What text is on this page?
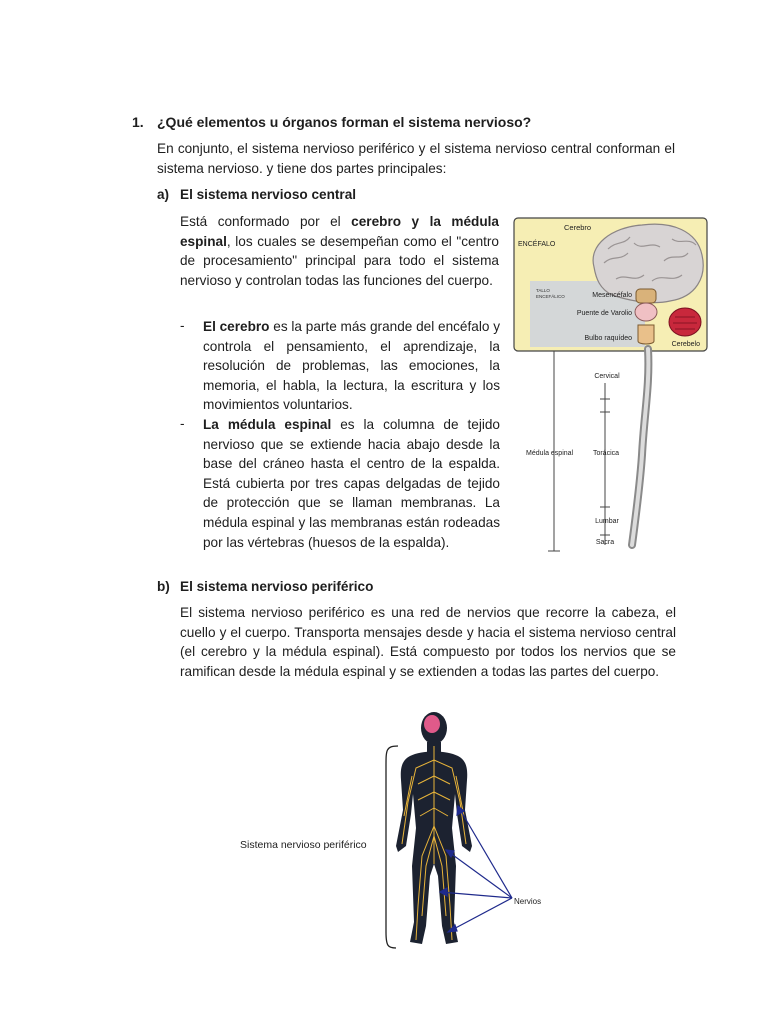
1. ¿Qué elementos u órganos forman el sistema nervioso?
En conjunto, el sistema nervioso periférico y el sistema nervioso central conforman el sistema nervioso. y tiene dos partes principales:
a) El sistema nervioso central
Está conformado por el cerebro y la médula espinal, los cuales se desempeñan como el "centro de procesamiento" principal para todo el sistema nervioso y controlan todas las funciones del cuerpo.
- El cerebro es la parte más grande del encéfalo y controla el pensamiento, el aprendizaje, la resolución de problemas, las emociones, la memoria, el habla, la lectura, la escritura y los movimientos voluntarios.
- La médula espinal es la columna de tejido nervioso que se extiende hacia abajo desde la base del cráneo hasta el centro de la espalda. Está cubierta por tres capas delgadas de tejido de protección que se llaman membranas. La médula espinal y las membranas están rodeadas por las vértebras (huesos de la espalda).
Cerebro
ENCÉFALO
TALLO
ENCEFÁLICO	Mesencéfalo
Puente de Varolio
Bulbo raquídeo
Cerebelo
Cervical
Médula espinal	Torácica
Lumbar
Sacra
b) El sistema nervioso periférico
El sistema nervioso periférico es una red de nervios que recorre la cabeza, el cuello y el cuerpo. Transporta mensajes desde y hacia el sistema nervioso central (el cerebro y la médula espinal). Está compuesto por todos los nervios que se ramifican desde la médula espinal y se extienden a todas las partes del cuerpo.
Sistema nervioso periférico
Nervios
